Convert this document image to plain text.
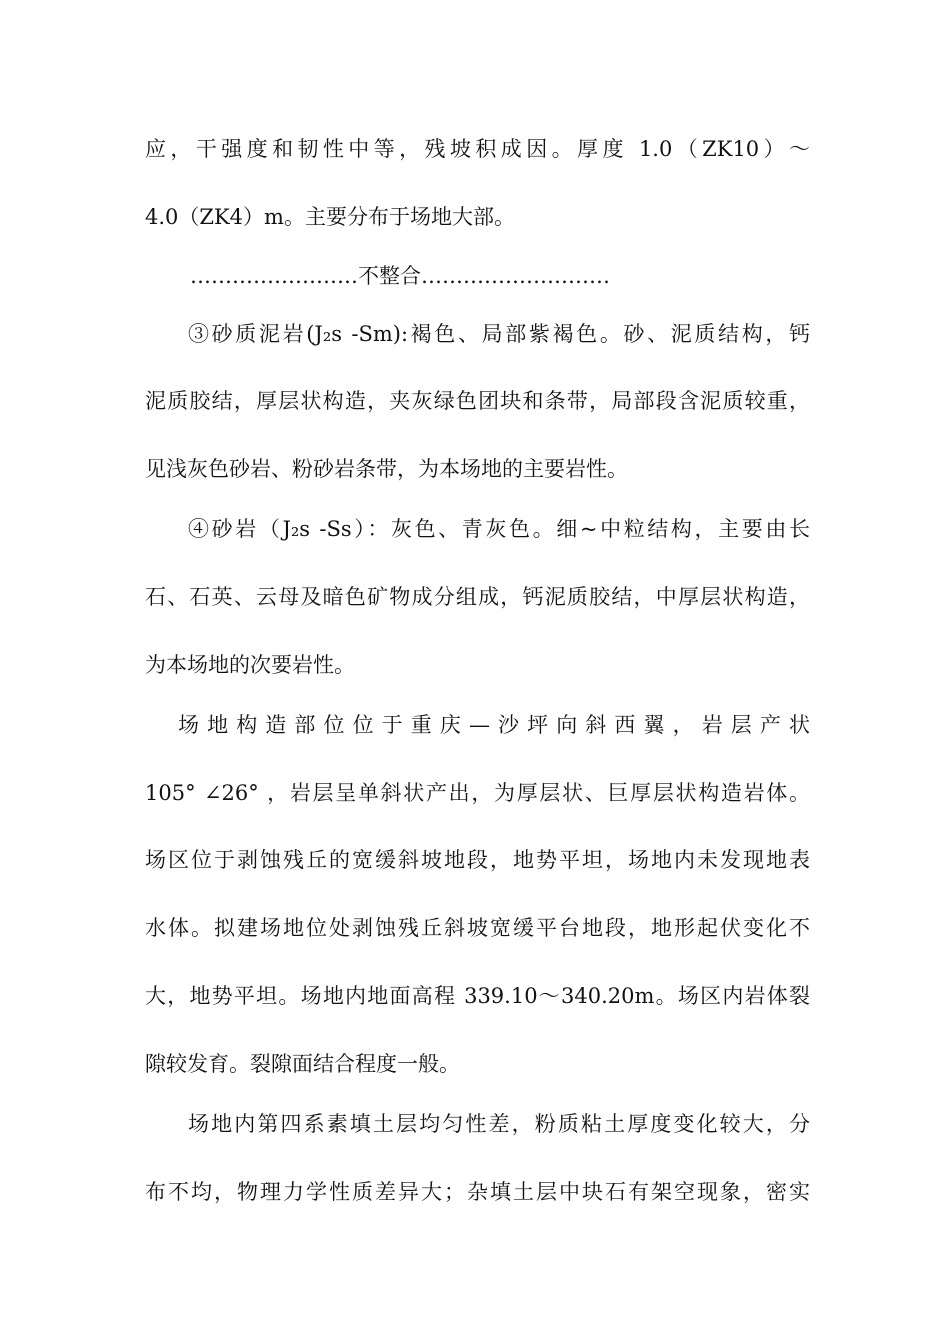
应，干强度和韧性中等，残坡积成因。厚度 1.0（ZK10）～
4.0（ZK4）m。主要分布于场地大部。
……………………不整合………………………
③砂质泥岩(J₂s -Sm):褐色、局部紫褐色。砂、泥质结构，钙
泥质胶结，厚层状构造，夹灰绿色团块和条带，局部段含泥质较重，
见浅灰色砂岩、粉砂岩条带，为本场地的主要岩性。
④砂岩（J₂s -Ss）：灰色、青灰色。细~中粒结构，主要由长
石、石英、云母及暗色矿物成分组成，钙泥质胶结，中厚层状构造，
为本场地的次要岩性。
场地构造部位位于重庆—沙坪向斜西翼，岩层产状
105° ∠26° ，岩层呈单斜状产出，为厚层状、巨厚层状构造岩体。
场区位于剥蚀残丘的宽缓斜坡地段，地势平坦，场地内未发现地表
水体。拟建场地位处剥蚀残丘斜坡宽缓平台地段，地形起伏变化不
大，地势平坦。场地内地面高程 339.10～340.20m。场区内岩体裂
隙较发育。裂隙面结合程度一般。
场地内第四系素填土层均匀性差，粉质粘土厚度变化较大，分
布不均，物理力学性质差异大；杂填土层中块石有架空现象，密实
